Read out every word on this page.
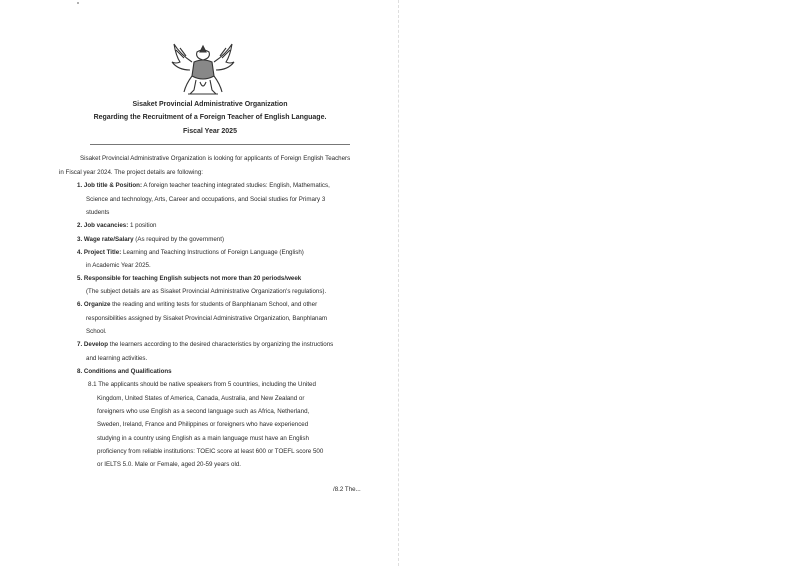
Sisaket Provincial Administrative Organization
Regarding the Recruitment of a Foreign Teacher of English Language.
Fiscal Year 2025
Sisaket Provincial Administrative Organization is looking for applicants of Foreign English Teachers
in Fiscal year 2024. The project details are following:
1. Job title & Position: A foreign teacher teaching integrated studies: English, Mathematics,
Science and technology, Arts, Career and occupations, and Social studies for Primary 3
students
2. Job vacancies: 1 position
3. Wage rate/Salary (As required by the government)
4. Project Title: Learning and Teaching Instructions of Foreign Language (English)
in Academic Year 2025.
5. Responsible for teaching English subjects not more than 20 periods/week
(The subject details are as Sisaket Provincial Administrative Organization's regulations).
6. Organize the reading and writing tests for students of Banphlanam School, and other
responsibilities assigned by Sisaket Provincial Administrative Organization, Banphlanam
School.
7. Develop the learners according to the desired characteristics by organizing the instructions
and learning activities.
8. Conditions and Qualifications
8.1 The applicants should be native speakers from 5 countries, including the United
Kingdom, United States of America, Canada, Australia, and New Zealand or
foreigners who use English as a second language such as Africa, Netherland,
Sweden, Ireland, France and Philippines or foreigners who have experienced
studying in a country using English as a main language must have an English
proficiency from reliable institutions: TOEIC score at least 600 or TOEFL score 500
or IELTS 5.0. Male or Female, aged 20-59 years old.
/8.2 The...
